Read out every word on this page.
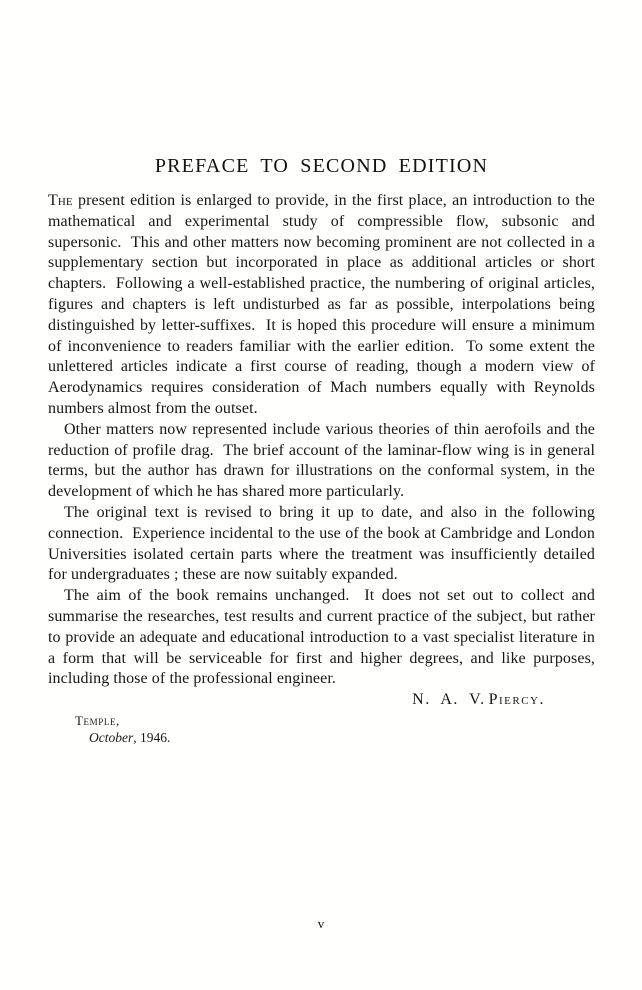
PREFACE TO SECOND EDITION

The present edition is enlarged to provide, in the first place, an introduction to the mathematical and experimental study of compressible flow, subsonic and supersonic.  This and other matters now becoming prominent are not collected in a supplementary section but incorporated in place as additional articles or short chapters.  Following a well-established practice, the numbering of original articles, figures and chapters is left undisturbed as far as possible, interpolations being distinguished by letter-suffixes.  It is hoped this procedure will ensure a minimum of inconvenience to readers familiar with the earlier edition.  To some extent the unlettered articles indicate a first course of reading, though a modern view of Aerodynamics requires consideration of Mach numbers equally with Reynolds numbers almost from the outset.

Other matters now represented include various theories of thin aerofoils and the reduction of profile drag.  The brief account of the laminar-flow wing is in general terms, but the author has drawn for illustrations on the conformal system, in the development of which he has shared more particularly.

The original text is revised to bring it up to date, and also in the following connection.  Experience incidental to the use of the book at Cambridge and London Universities isolated certain parts where the treatment was insufficiently detailed for undergraduates ; these are now suitably expanded.

The aim of the book remains unchanged.  It does not set out to collect and summarise the researches, test results and current practice of the subject, but rather to provide an adequate and educational introduction to a vast specialist literature in a form that will be serviceable for first and higher degrees, and like purposes, including those of the professional engineer.

N. A. V. Piercy.

Temple,
October, 1946.
v
